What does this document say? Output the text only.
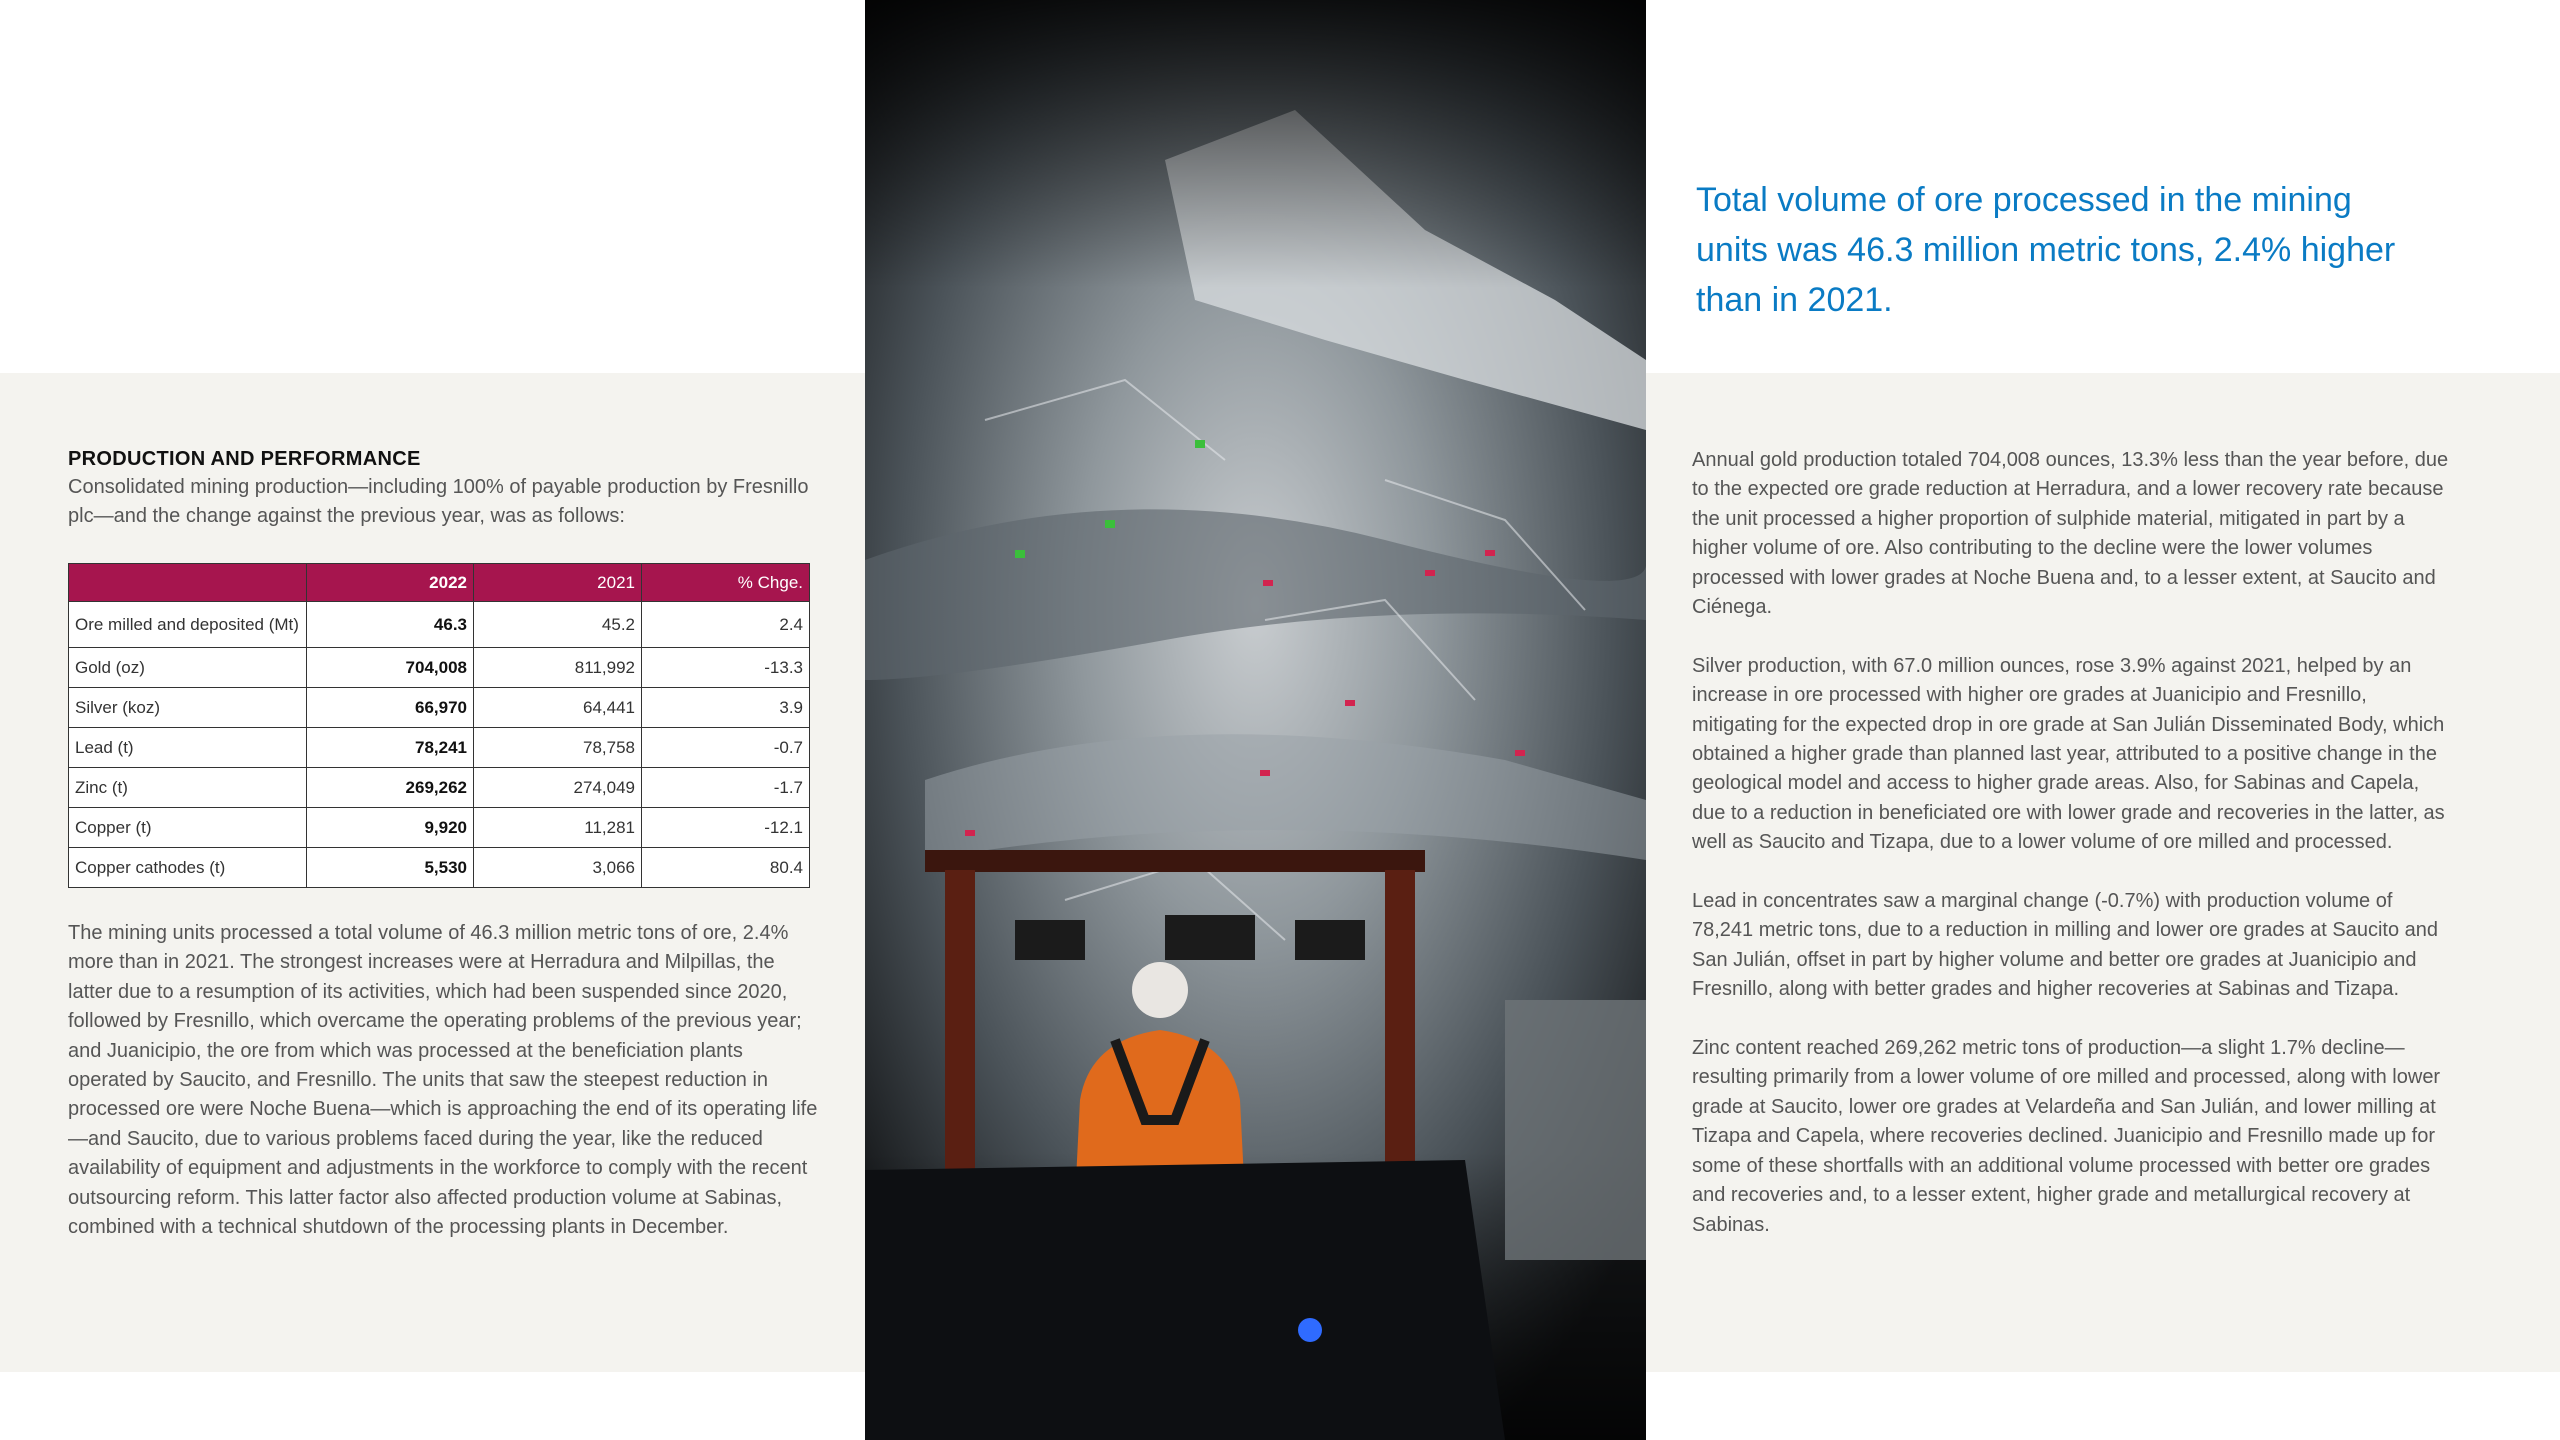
PRODUCTION AND PERFORMANCE

Consolidated mining production—including 100% of payable production by Fresnillo plc—and the change against the previous year, was as follows:

	2022	2021	% Chge.
Ore milled and deposited (Mt)	46.3	45.2	2.4
Gold (oz)	704,008	811,992	-13.3
Silver (koz)	66,970	64,441	3.9
Lead (t)	78,241	78,758	-0.7
Zinc (t)	269,262	274,049	-1.7
Copper (t)	9,920	11,281	-12.1
Copper cathodes (t)	5,530	3,066	80.4

The mining units processed a total volume of 46.3 million metric tons of ore, 2.4% more than in 2021. The strongest increases were at Herradura and Milpillas, the latter due to a resumption of its activities, which had been suspended since 2020, followed by Fresnillo, which overcame the operating problems of the previous year; and Juanicipio, the ore from which was processed at the beneficiation plants operated by Saucito, and Fresnillo. The units that saw the steepest reduction in processed ore were Noche Buena—which is approaching the end of its operating life—and Saucito, due to various problems faced during the year, like the reduced availability of equipment and adjustments in the workforce to comply with the recent outsourcing reform. This latter factor also affected production volume at Sabinas, combined with a technical shutdown of the processing plants in December.

Total volume of ore processed in the mining units was 46.3 million metric tons, 2.4% higher than in 2021.

Annual gold production totaled 704,008 ounces, 13.3% less than the year before, due to the expected ore grade reduction at Herradura, and a lower recovery rate because the unit processed a higher proportion of sulphide material, mitigated in part by a higher volume of ore. Also contributing to the decline were the lower volumes processed with lower grades at Noche Buena and, to a lesser extent, at Saucito and Ciénega.

Silver production, with 67.0 million ounces, rose 3.9% against 2021, helped by an increase in ore processed with higher ore grades at Juanicipio and Fresnillo, mitigating for the expected drop in ore grade at San Julián Disseminated Body, which obtained a higher grade than planned last year, attributed to a positive change in the geological model and access to higher grade areas. Also, for Sabinas and Capela, due to a reduction in beneficiated ore with lower grade and recoveries in the latter, as well as Saucito and Tizapa, due to a lower volume of ore milled and processed.

Lead in concentrates saw a marginal change (-0.7%) with production volume of 78,241 metric tons, due to a reduction in milling and lower ore grades at Saucito and San Julián, offset in part by higher volume and better ore grades at Juanicipio and Fresnillo, along with better grades and higher recoveries at Sabinas and Tizapa.

Zinc content reached 269,262 metric tons of production—a slight 1.7% decline—resulting primarily from a lower volume of ore milled and processed, along with lower grade at Saucito, lower ore grades at Velardeña and San Julián, and lower milling at Tizapa and Capela, where recoveries declined. Juanicipio and Fresnillo made up for some of these shortfalls with an additional volume processed with better ore grades and recoveries and, to a lesser extent, higher grade and metallurgical recovery at Sabinas.
